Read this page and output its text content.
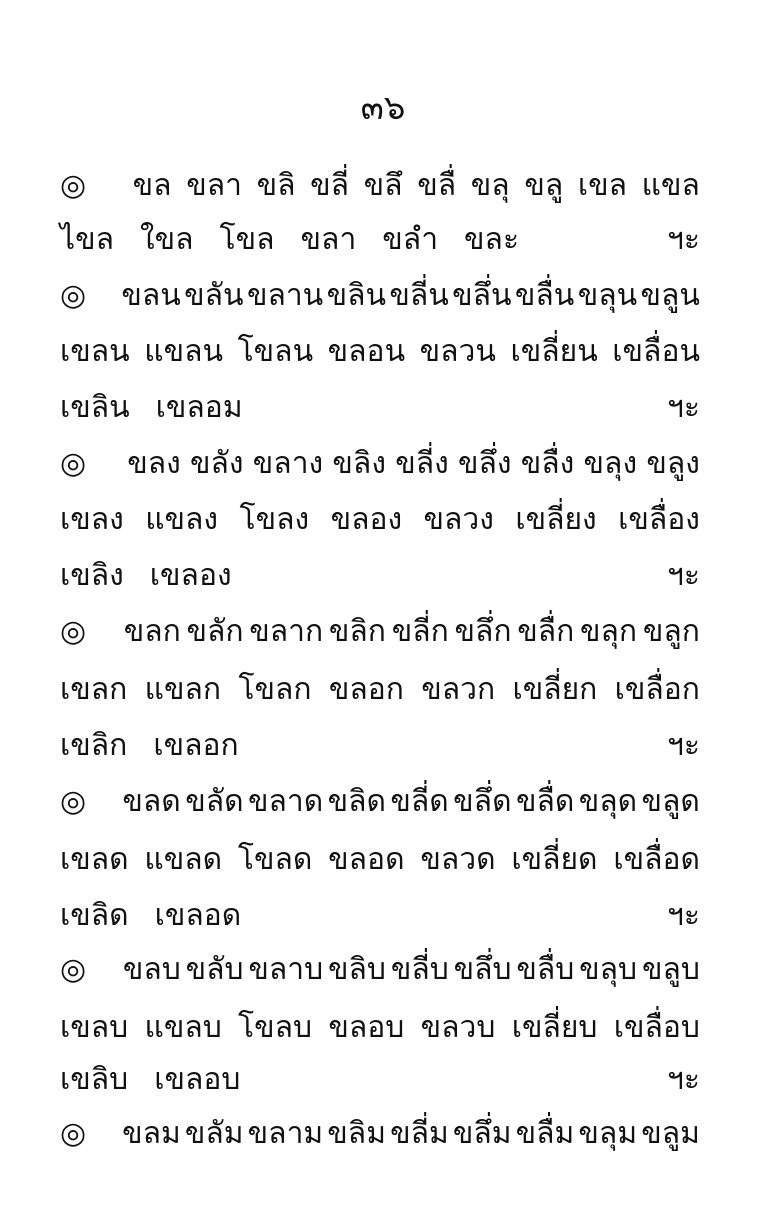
๓๖
◎	ขล ขลา ขลิ ขลี่ ขลึ ขลื่ ขลุ ขลู เขล แขล
ไขล ใขล โขล ขลา ขลำ ขละ	ฯะ
◎	ขลน ขลัน ขลาน ขลิน ขลี่น ขลึ่น ขลื่น ขลุน ขลูน
เขลน แขลน โขลน ขลอน ขลวน เขลี่ยน เขลื่อน
เขลิน เขลอม	ฯะ
◎	ขลง ขลัง ขลาง ขลิง ขลี่ง ขลึ่ง ขลื่ง ขลุง ขลูง
เขลง แขลง โขลง ขลอง ขลวง เขลี่ยง เขลื่อง
เขลิง เขลอง	ฯะ
◎	ขลก ขลัก ขลาก ขลิก ขลี่ก ขลึ่ก ขลื่ก ขลุก ขลูก
เขลก แขลก โขลก ขลอก ขลวก เขลี่ยก เขลื่อก
เขลิก เขลอก	ฯะ
◎	ขลด ขลัด ขลาด ขลิด ขลี่ด ขลึ่ด ขลื่ด ขลุด ขลูด
เขลด แขลด โขลด ขลอด ขลวด เขลี่ยด เขลื่อด
เขลิด เขลอด	ฯะ
◎	ขลบ ขลับ ขลาบ ขลิบ ขลี่บ ขลึ่บ ขลื่บ ขลุบ ขลูบ
เขลบ แขลบ โขลบ ขลอบ ขลวบ เขลี่ยบ เขลื่อบ
เขลิบ เขลอบ	ฯะ
◎	ขลม ขลัม ขลาม ขลิม ขลี่ม ขลึ่ม ขลื่ม ขลุม ขลูม
